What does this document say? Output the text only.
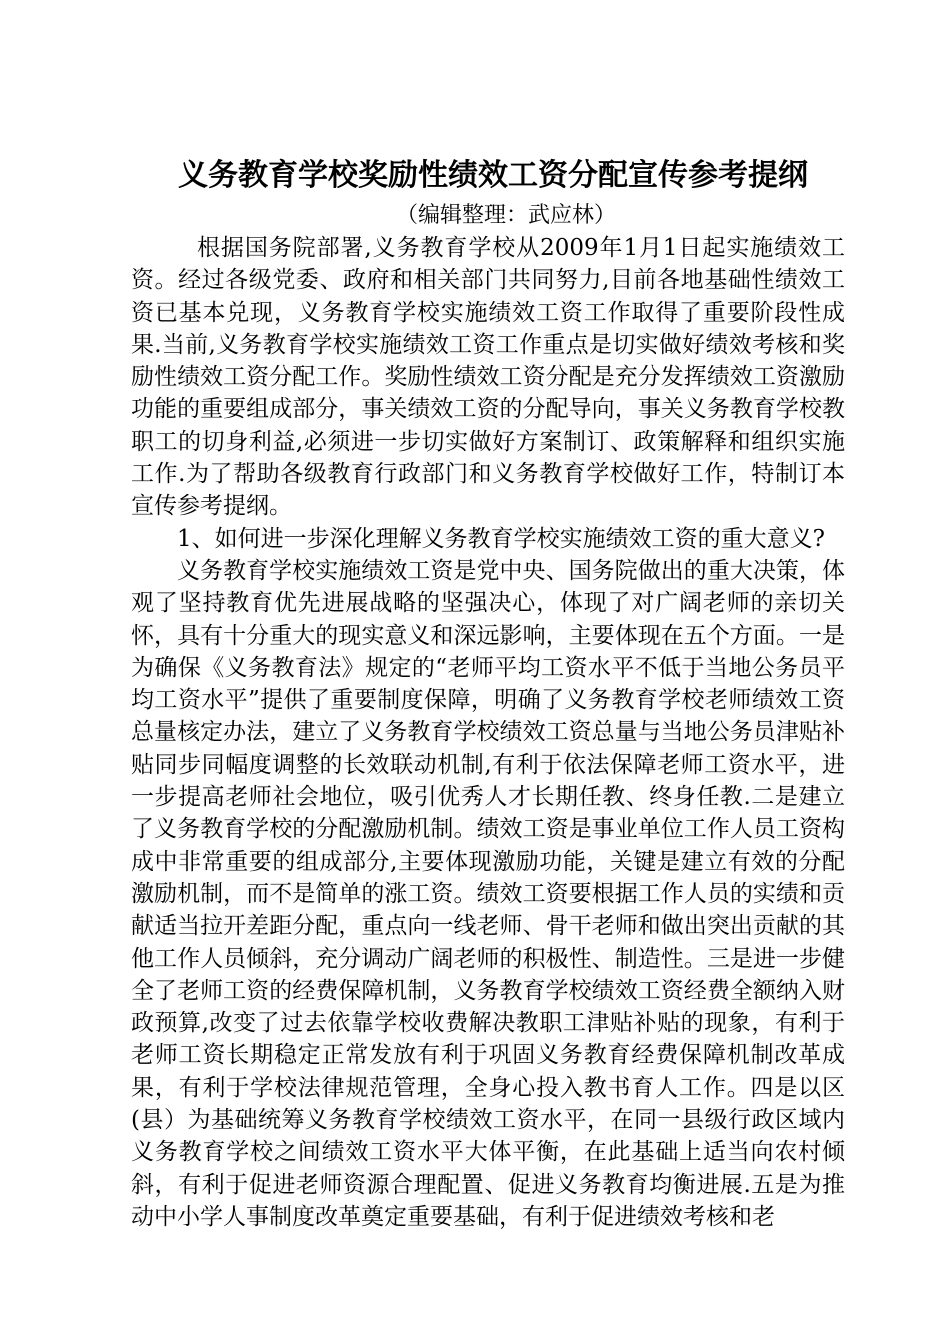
义务教育学校奖励性绩效工资分配宣传参考提纲
（编辑整理：武应林）

根据国务院部署,义务教育学校从2009年1月1日起实施绩效工资。经过各级党委、政府和相关部门共同努力,目前各地基础性绩效工资已基本兑现，义务教育学校实施绩效工资工作取得了重要阶段性成果.当前,义务教育学校实施绩效工资工作重点是切实做好绩效考核和奖励性绩效工资分配工作。奖励性绩效工资分配是充分发挥绩效工资激励功能的重要组成部分，事关绩效工资的分配导向，事关义务教育学校教职工的切身利益,必须进一步切实做好方案制订、政策解释和组织实施工作.为了帮助各级教育行政部门和义务教育学校做好工作，特制订本宣传参考提纲。

1、如何进一步深化理解义务教育学校实施绩效工资的重大意义?

义务教育学校实施绩效工资是党中央、国务院做出的重大决策，体观了坚持教育优先进展战略的坚强决心，体现了对广阔老师的亲切关怀，具有十分重大的现实意义和深远影响，主要体现在五个方面。一是为确保《义务教育法》规定的“老师平均工资水平不低于当地公务员平均工资水平”提供了重要制度保障，明确了义务教育学校老师绩效工资总量核定办法，建立了义务教育学校绩效工资总量与当地公务员津贴补贴同步同幅度调整的长效联动机制,有利于依法保障老师工资水平，进一步提高老师社会地位，吸引优秀人才长期任教、终身任教.二是建立了义务教育学校的分配激励机制。绩效工资是事业单位工作人员工资构成中非常重要的组成部分,主要体现激励功能，关键是建立有效的分配激励机制，而不是简单的涨工资。绩效工资要根据工作人员的实绩和贡献适当拉开差距分配，重点向一线老师、骨干老师和做出突出贡献的其他工作人员倾斜，充分调动广阔老师的积极性、制造性。三是进一步健全了老师工资的经费保障机制，义务教育学校绩效工资经费全额纳入财政预算,改变了过去依靠学校收费解决教职工津贴补贴的现象，有利于老师工资长期稳定正常发放有利于巩固义务教育经费保障机制改革成果，有利于学校法律规范管理，全身心投入教书育人工作。四是以区(县）为基础统筹义务教育学校绩效工资水平，在同一县级行政区域内义务教育学校之间绩效工资水平大体平衡，在此基础上适当向农村倾斜，有利于促进老师资源合理配置、促进义务教育均衡进展.五是为推动中小学人事制度改革奠定重要基础，有利于促进绩效考核和老
